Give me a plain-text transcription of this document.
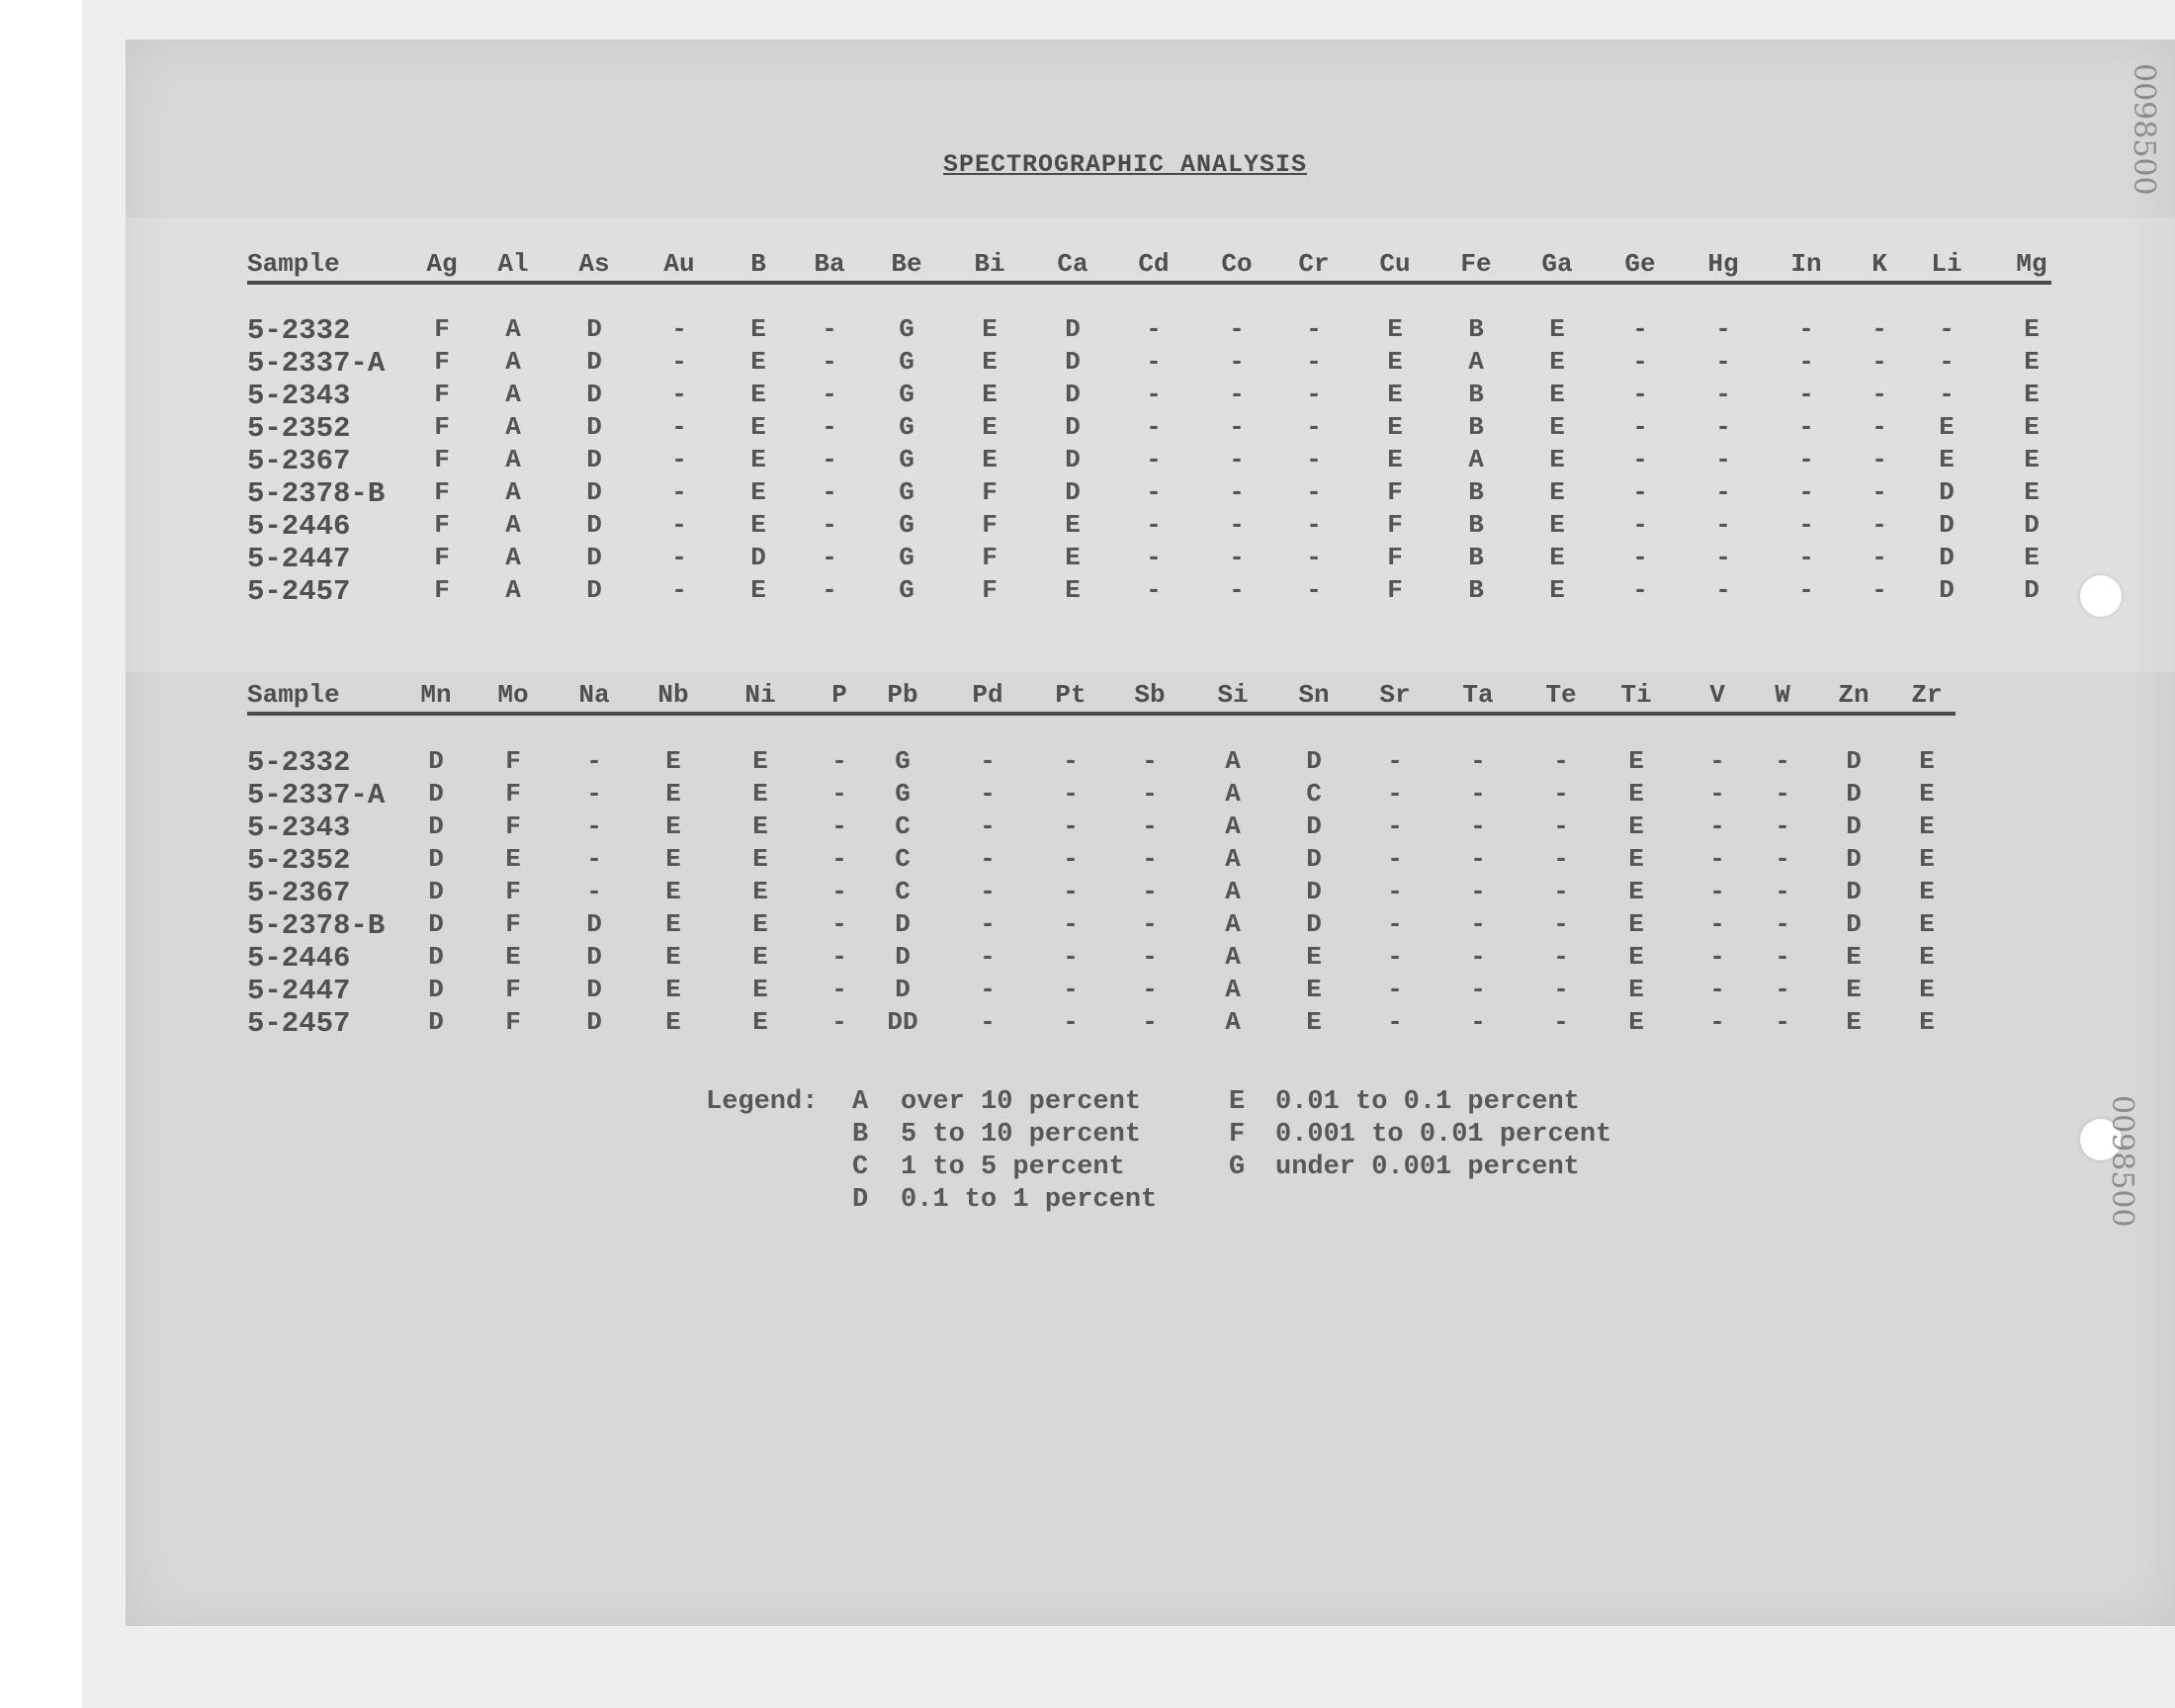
SPECTROGRAPHIC ANALYSIS
Sample	Ag Al As Au B Ba Be Bi Ca Cd Co Cr Cu Fe Ga Ge Hg In K Li Mg
5-2332	F A	D	- E - G	E	D	-	- -	E	B	E	-	-	- - -	E
5-2337-A F A	D	- E - G	E	D	-	- -	E	A	E	-	-	- - -	E
5-2343	F A	D	- E - G	E	D	-	- -	E	B	E	-	-	- - -	E
5-2352	F A	D	- E - G	E	D	-	- -	E	B	E	-	-	- - E	E
5-2367	F A	D	- E - G	E	D	-	- -	E	A	E	-	-	- - E	E
5-2378-B F A	D	- E - G	F	D	-	- -	F	B	E	-	-	- - D	E
5-2446	F A	D	- E - G	F	E	-	- -	F	B	E	-	-	- - D	D
5-2447	F A	D	- D - G	F	E	-	- -	F	B	E	-	-	- - D	E
5-2457	F A	D	- E - G	F	E	-	- -	F	B	E	-	-	- - D	D
Sample	Mn Mo Na Nb Ni P Pb Pd Pt Sb Si Sn Sr Ta Te Ti V W Zn Zr
5-2332	D F	- E	E - G	-	- -	A	D	-	-	- E	- - D E
5-2337-A D F	- E	E - G	-	- -	A	C	-	-	- E	- - D E
5-2343	D F	- E	E - C	-	- -	A	D	-	-	- E	- - D E
5-2352	D E	- E	E - C	-	- -	A	D	-	-	- E	- - D E
5-2367	D F	- E	E - C	-	- -	A	D	-	-	- E	- - D E
5-2378-B D F	D E	E - D	-	- -	A	D	-	-	- E	- - D E
5-2446	D E	D E	E - D	-	- -	A	E	-	-	- E	- - E E
5-2447	D F	D E	E - D	-	- -	A	E	-	-	- E	- - E E
5-2457	D F	D E	E - DD -	- -	A	E	-	-	- E	- - E E
A over 10 percent
B 5 to 10 percent
C 1 to 5 percent
D 0.1 to 1 percent
E 0.01 to 0.1 percent
F 0.001 to 0.01 percent
G under 0.001 percent
Legend:
0098500
0098500
